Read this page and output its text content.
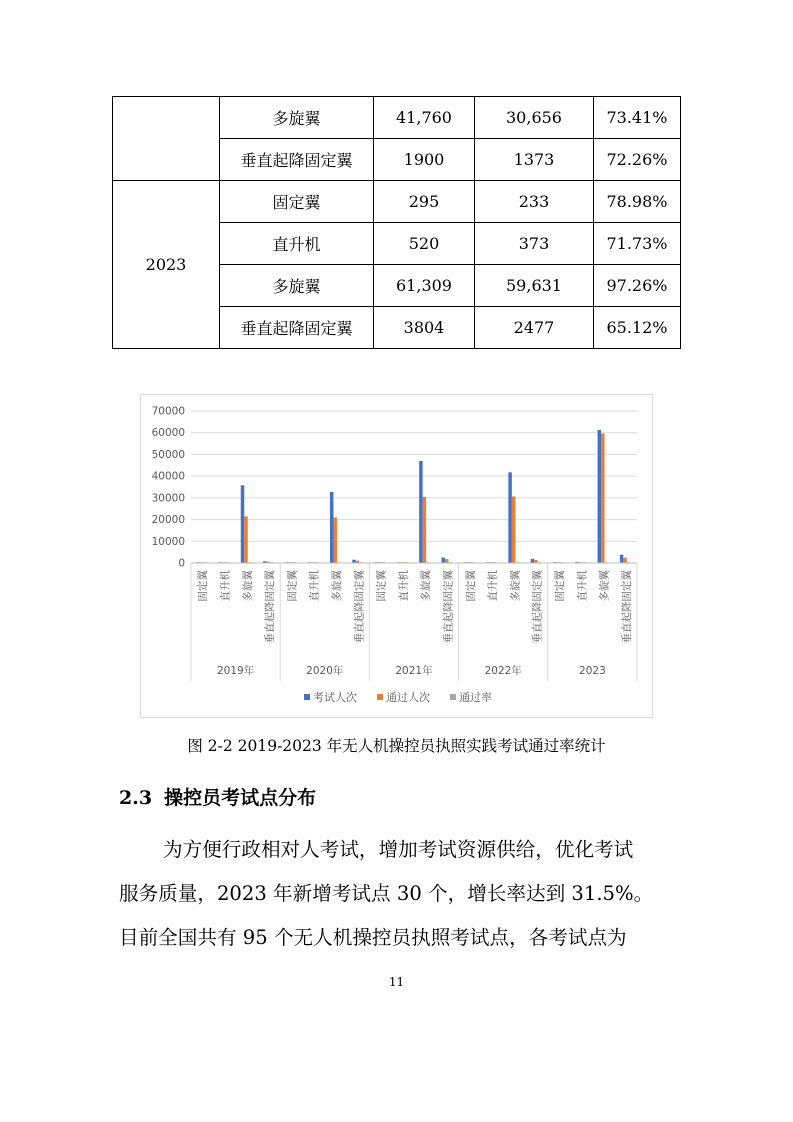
	多旋翼	41,760	30,656	73.41%
	垂直起降固定翼	1900	1373	72.26%
2023	固定翼	295	233	78.98%
	直升机	520	373	71.73%
	多旋翼	61,309	59,631	97.26%
	垂直起降固定翼	3804	2477	65.12%
0
10000
20000
30000
40000
50000
60000
70000
固定翼 直升机 多旋翼 垂直起降固定翼
2019年
固定翼 直升机 多旋翼 垂直起降固定翼
2020年
固定翼 直升机 多旋翼 垂直起降固定翼
2021年
固定翼 直升机 多旋翼 垂直起降固定翼
2022年
固定翼 直升机 多旋翼 垂直起降固定翼
2023
考试人次	通过人次	通过率
图 2-2 2019-2023 年无人机操控员执照实践考试通过率统计
2.3 操控员考试点分布
为方便行政相对人考试，增加考试资源供给，优化考试
服务质量，2023 年新增考试点 30 个，增长率达到 31.5%。
目前全国共有 95 个无人机操控员执照考试点，各考试点为
11
